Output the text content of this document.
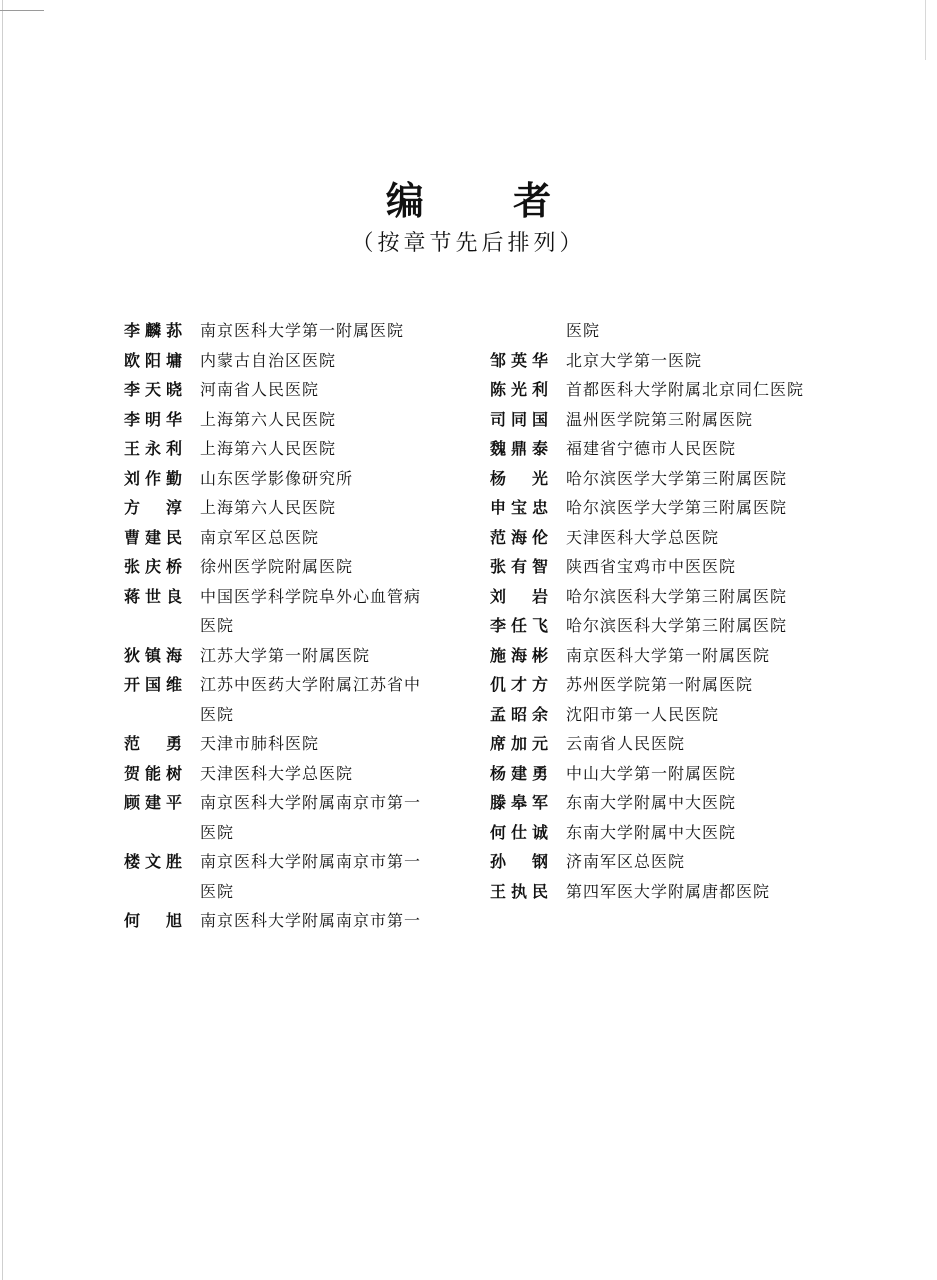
编 者
（按章节先后排列）
李 麟 荪 南京医科大学第一附属医院
欧 阳 墉 内蒙古自治区医院
李 天 晓 河南省人民医院
李 明 华 上海第六人民医院
王 永 利 上海第六人民医院
刘 作 勤 山东医学影像研究所
方 淳 上海第六人民医院
曹 建 民 南京军区总医院
张 庆 桥 徐州医学院附属医院
蒋 世 良 中国医学科学院阜外心血管病
医院
狄 镇 海 江苏大学第一附属医院
开 国 维 江苏中医药大学附属江苏省中
医院
范 勇 天津市肺科医院
贺 能 树 天津医科大学总医院
顾 建 平 南京医科大学附属南京市第一
医院
楼 文 胜 南京医科大学附属南京市第一
医院
何 旭 南京医科大学附属南京市第一
医院
邹 英 华 北京大学第一医院
陈 光 利 首都医科大学附属北京同仁医院
司 同 国 温州医学院第三附属医院
魏 鼎 泰 福建省宁德市人民医院
杨 光 哈尔滨医学大学第三附属医院
申 宝 忠 哈尔滨医学大学第三附属医院
范 海 伦 天津医科大学总医院
张 有 智 陕西省宝鸡市中医医院
刘 岩 哈尔滨医科大学第三附属医院
李 任 飞 哈尔滨医科大学第三附属医院
施 海 彬 南京医科大学第一附属医院
仉 才 方 苏州医学院第一附属医院
孟 昭 余 沈阳市第一人民医院
席 加 元 云南省人民医院
杨 建 勇 中山大学第一附属医院
滕 皋 军 东南大学附属中大医院
何 仕 诚 东南大学附属中大医院
孙 钢 济南军区总医院
王 执 民 第四军医大学附属唐都医院
